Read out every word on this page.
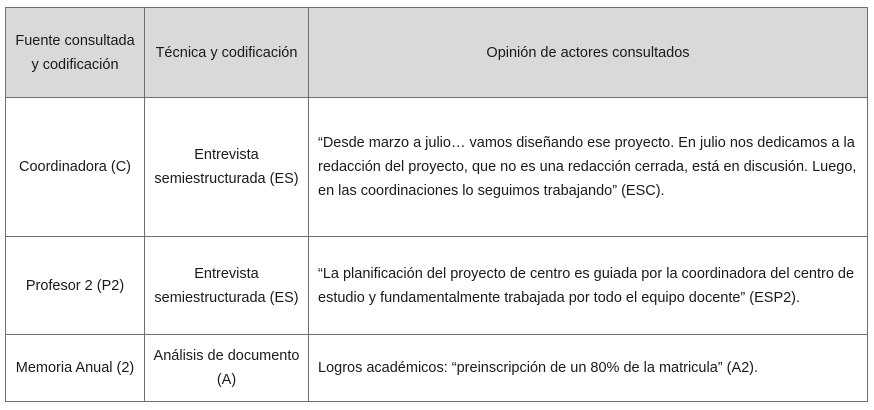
Fuente consultada y codificación	Técnica y codificación	Opinión de actores consultados

Coordinadora (C)	Entrevista semiestructurada (ES)	“Desde marzo a julio… vamos diseñando ese proyecto. En julio nos dedicamos a la redacción del proyecto, que no es una redacción cerrada, está en discusión. Luego, en las coordinaciones lo seguimos trabajando” (ESC).

Profesor 2 (P2)	Entrevista semiestructurada (ES)	“La planificación del proyecto de centro es guiada por la coordinadora del centro de estudio y fundamentalmente trabajada por todo el equipo docente” (ESP2).

Memoria Anual (2)	Análisis de documento (A)	Logros académicos: “preinscripción de un 80% de la matricula” (A2).
